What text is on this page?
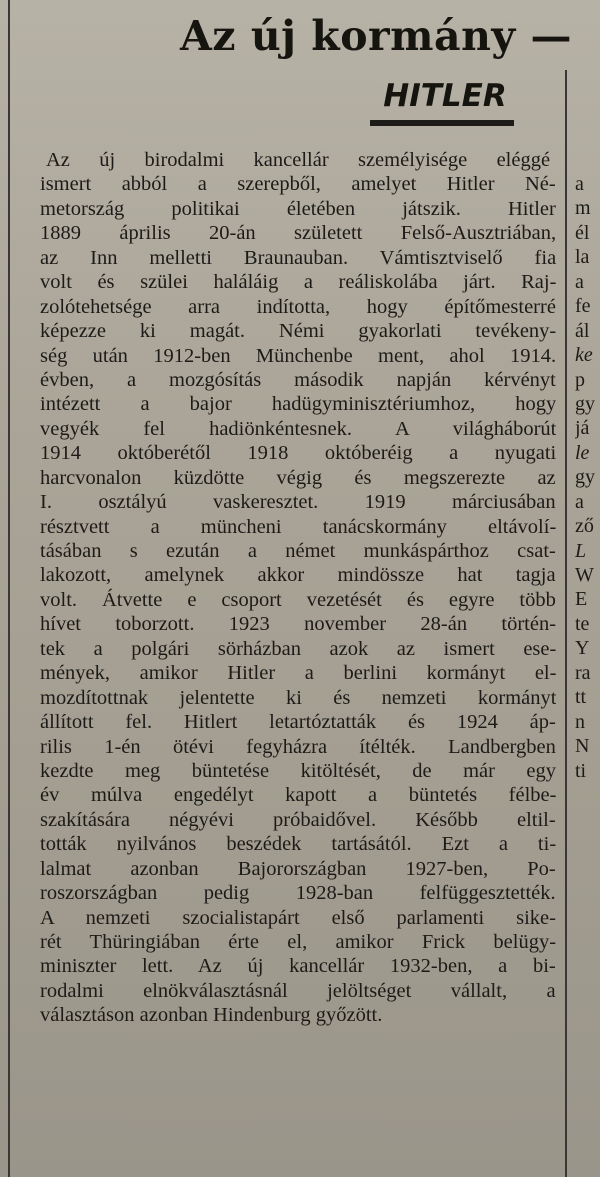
Az új kormány —
HITLER
Az új birodalmi kancellár személyisége eléggé
ismert abból a szerepből, amelyet Hitler Né-
metország politikai életében játszik. Hitler
1889 április 20-án született Felső-Ausztriában,
az Inn melletti Braunauban. Vámtisztviselő fia
volt és szülei haláláig a reáliskolába járt. Raj-
zolótehetsége arra indította, hogy építőmesterré
képezze ki magát. Némi gyakorlati tevékeny-
ség után 1912-ben Münchenbe ment, ahol 1914.
évben, a mozgósítás második napján kérvényt
intézett a bajor hadügyminisztériumhoz, hogy
vegyék fel hadiönkéntesnek. A világháborút
1914 októberétől 1918 októberéig a nyugati
harcvonalon küzdötte végig és megszerezte az
I. osztályú vaskeresztet. 1919 márciusában
résztvett a müncheni tanácskormány eltávolí-
tásában s ezután a német munkáspárthoz csat-
lakozott, amelynek akkor mindössze hat tagja
volt. Átvette e csoport vezetését és egyre több
hívet toborzott. 1923 november 28-án történ-
tek a polgári sörházban azok az ismert ese-
mények, amikor Hitler a berlini kormányt el-
mozdítottnak jelentette ki és nemzeti kormányt
állított fel. Hitlert letartóztatták és 1924 áp-
rilis 1-én ötévi fegyházra ítélték. Landbergben
kezdte meg büntetése kitöltését, de már egy
év múlva engedélyt kapott a büntetés félbe-
szakítására négyévi próbaidővel. Később eltil-
tották nyilvános beszédek tartásától. Ezt a ti-
lalmat azonban Bajorországban 1927-ben, Po-
roszországban pedig 1928-ban felfüggesztették.
A nemzeti szocialistapárt első parlamenti sike-
rét Thüringiában érte el, amikor Frick belügy-
miniszter lett. Az új kancellár 1932-ben, a bi-
rodalmi elnökválasztásnál jelöltséget vállalt, a
választáson azonban Hindenburg győzött.
a
m
él
la
a
fe
ál
ke
p
gy
já
le
gy
a
ző
L
W
E
te
Y
ra
tt
n
N
ti
